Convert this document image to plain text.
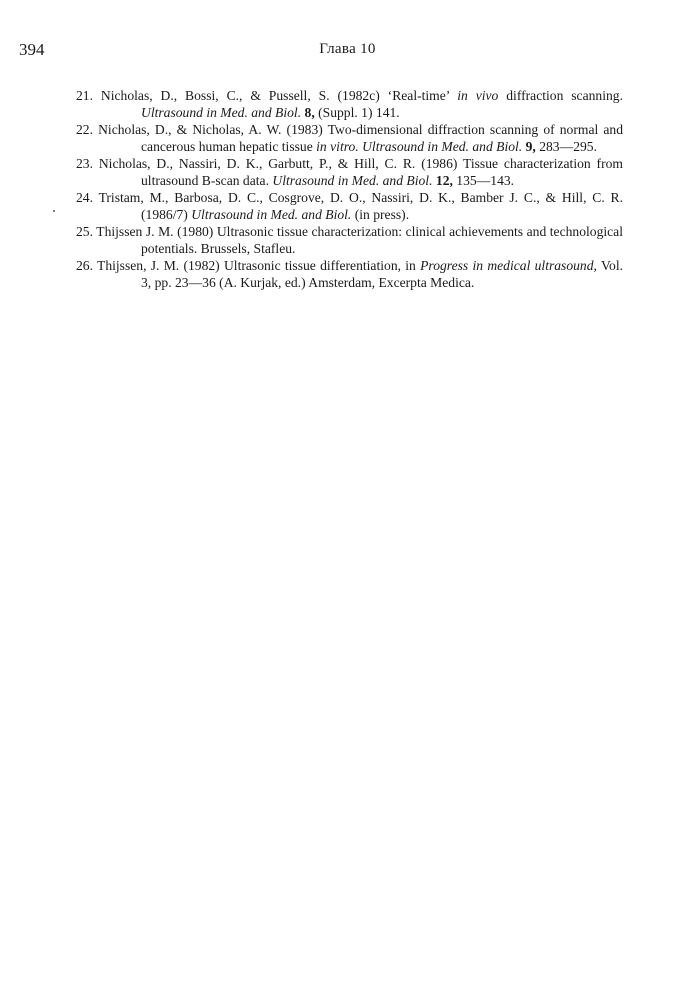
394	Глава 10
21. Nicholas, D., Bossi, C., & Pussell, S. (1982c) ‘Real-time’ in vivo diffraction scanning. Ultrasound in Med. and Biol. 8, (Suppl. 1) 141.
22. Nicholas, D., & Nicholas, A. W. (1983) Two-dimensional diffraction scanning of normal and cancerous human hepatic tissue in vitro. Ultrasound in Med. and Biol. 9, 283—295.
23. Nicholas, D., Nassiri, D. K., Garbutt, P., & Hill, C. R. (1986) Tissue characterization from ultrasound B-scan data. Ultrasound in Med. and Biol. 12, 135—143.
24. Tristam, M., Barbosa, D. C., Cosgrove, D. O., Nassiri, D. K., Bamber J. C., & Hill, C. R. (1986/7) Ultrasound in Med. and Biol. (in press).
25. Thijssen J. M. (1980) Ultrasonic tissue characterization: clinical achievements and technological potentials. Brussels, Stafleu.
26. Thijssen, J. M. (1982) Ultrasonic tissue differentiation, in Progress in medical ultrasound, Vol. 3, pp. 23—36 (A. Kurjak, ed.) Amsterdam, Excerpta Medica.
